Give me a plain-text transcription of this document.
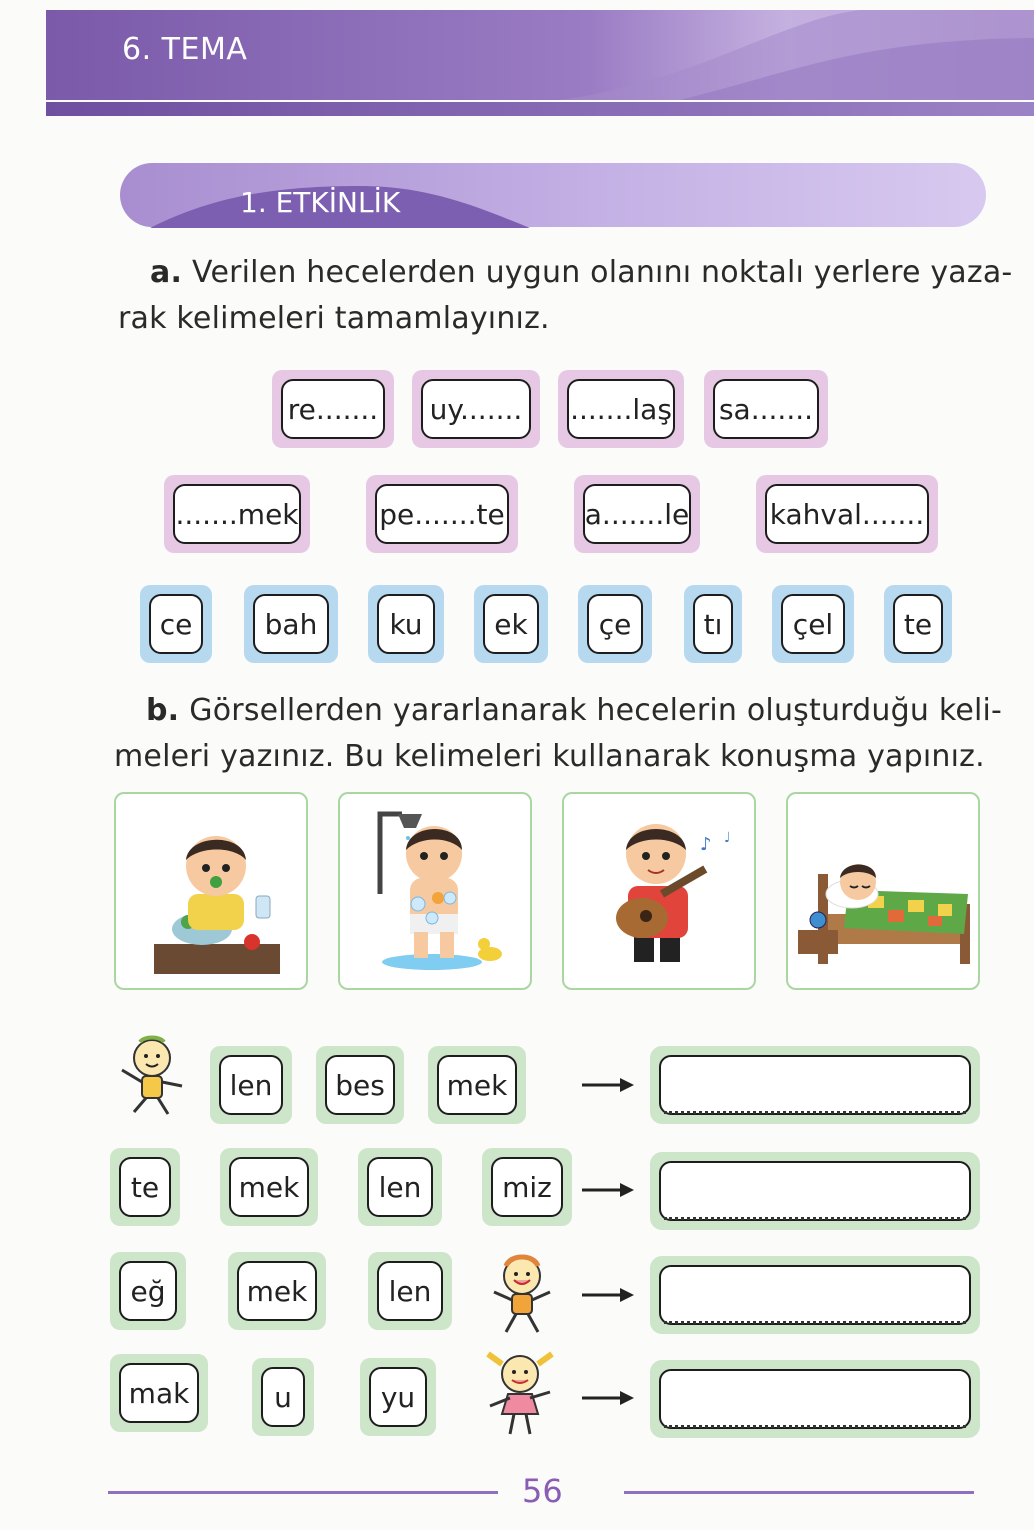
6. TEMA
1. ETKİNLİK
a. Verilen hecelerden uygun olanını noktalı yerlere yaza-
rak kelimeleri tamamlayınız.
re.......	uy.......	.......laş sa.......
.......mek	pe.......te	a.......le	kahval.......
ce	bah	ku	ek	çe	tı	çel	te
b. Görsellerden yararlanarak hecelerin oluşturduğu keli-
meleri yazınız. Bu kelimeleri kullanarak konuşma yapınız.
♪ ♩
len	bes	mek
te	mek	len	miz
eğ	mek	len
mak	u	yu
56
